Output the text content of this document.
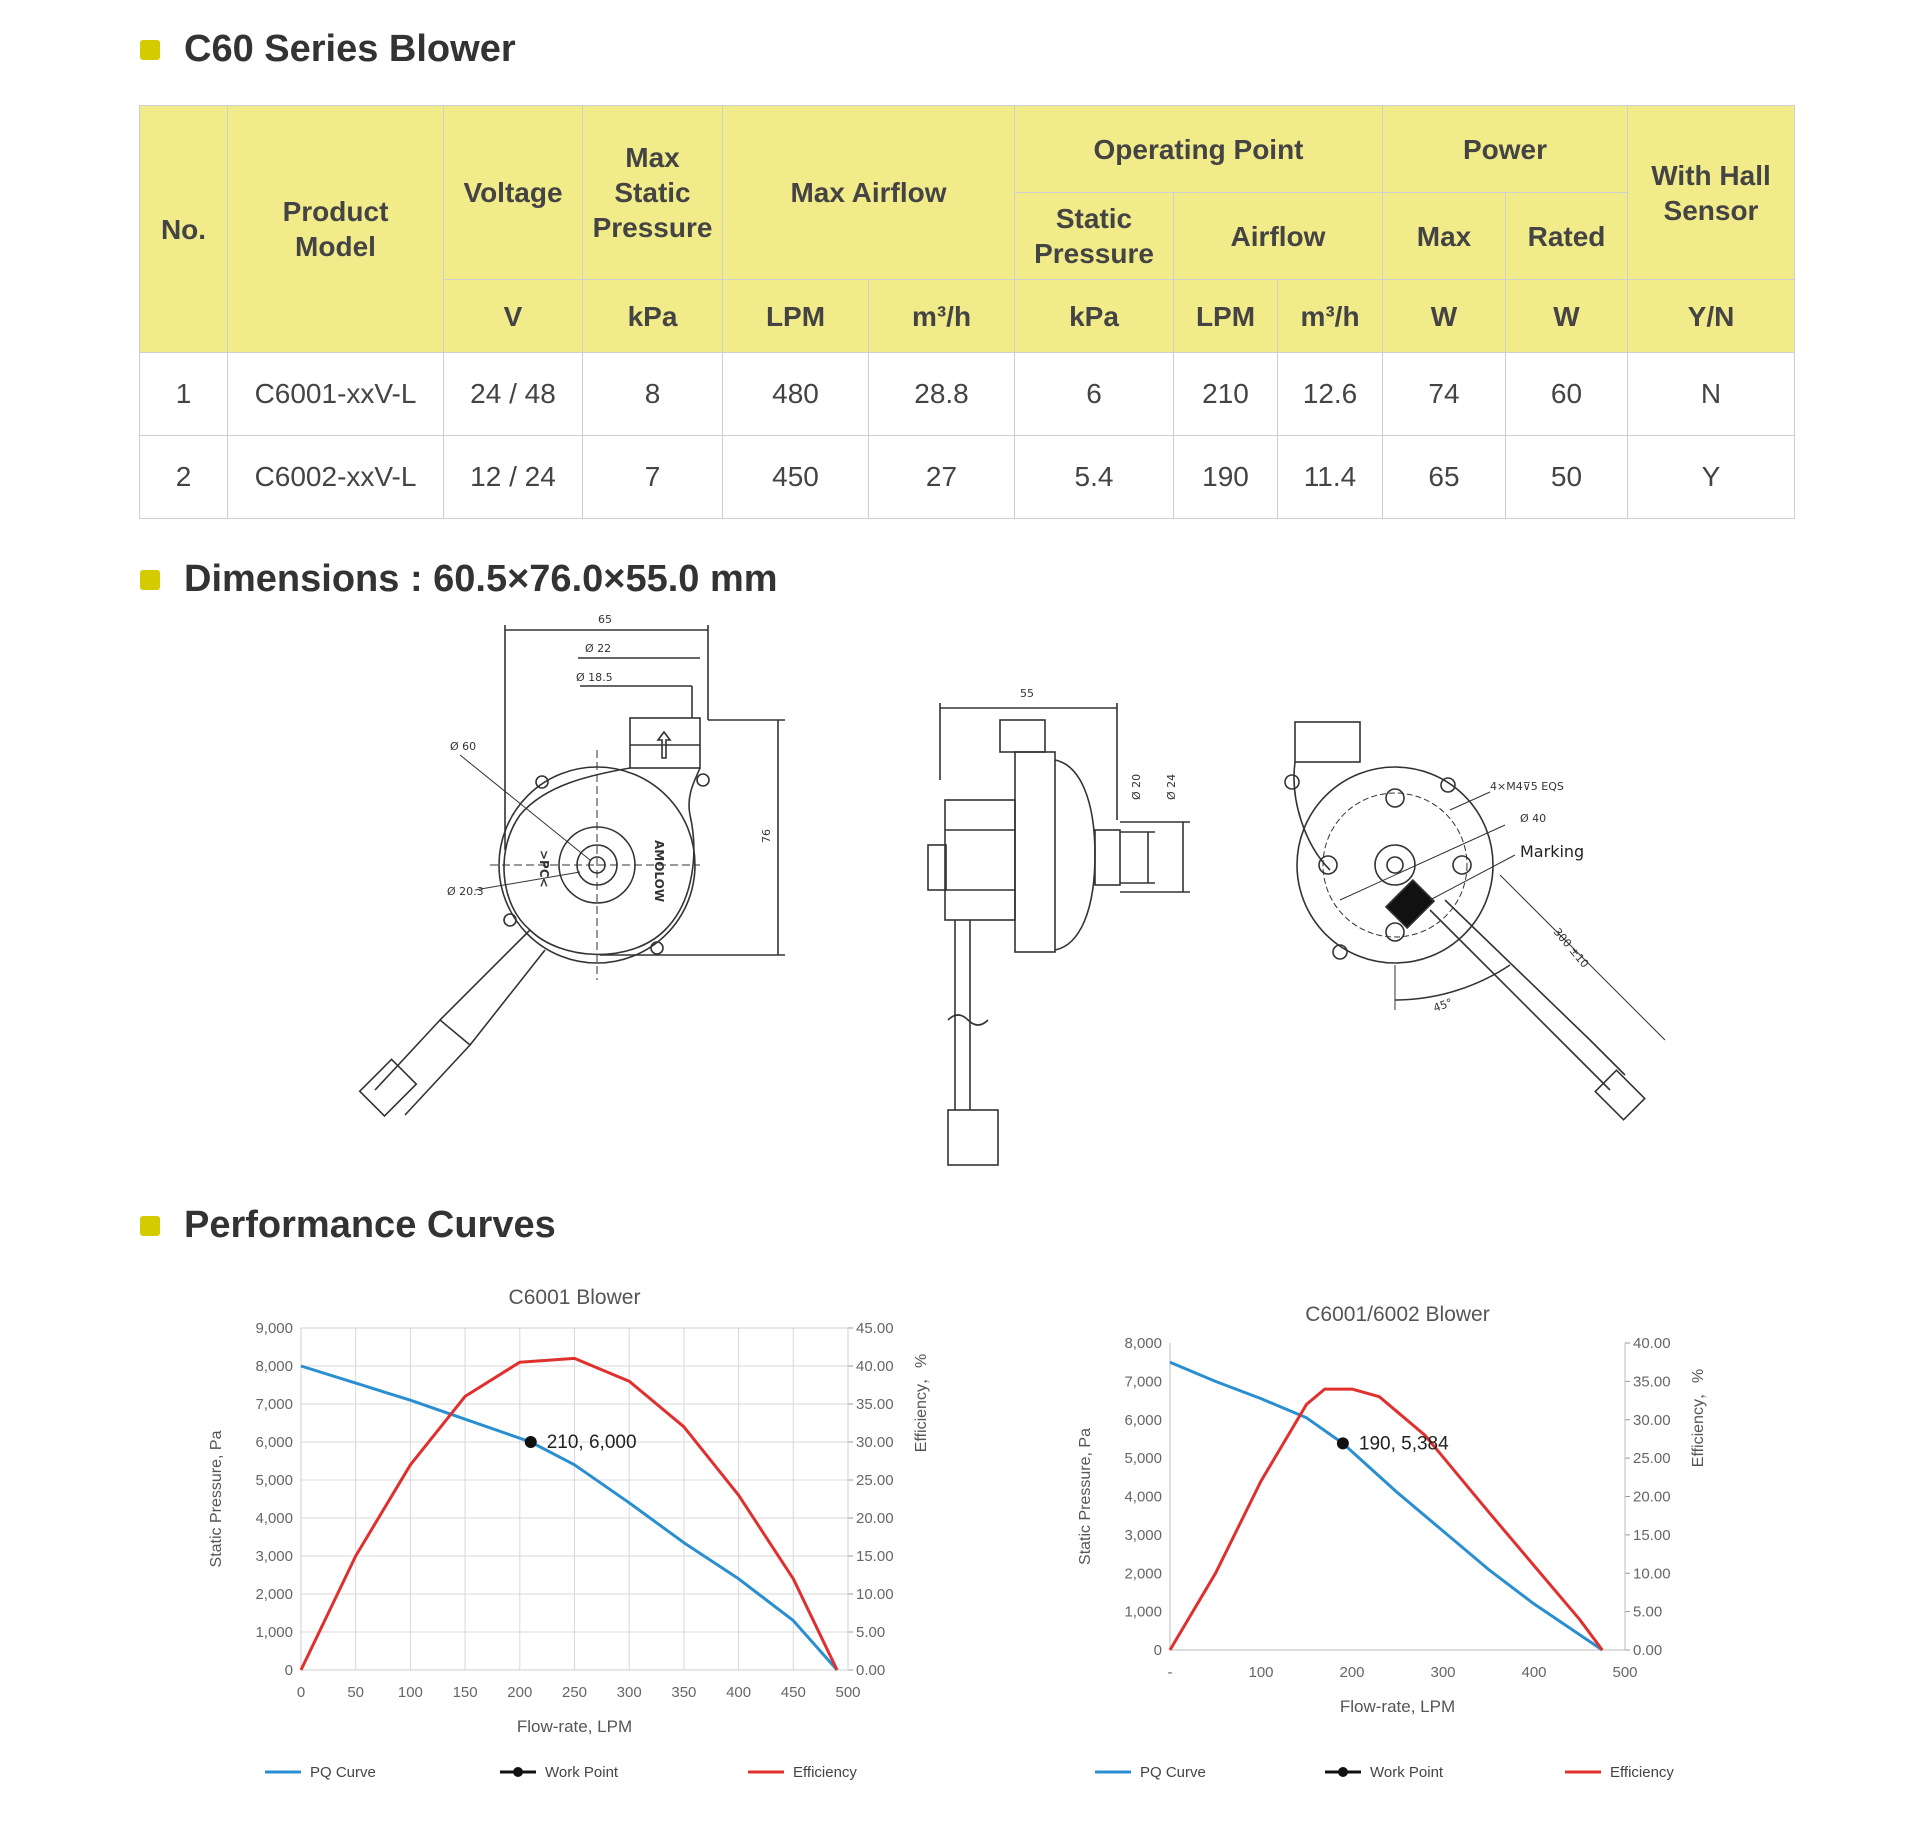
C60 Series Blower
No.	Product Model	Voltage	Max Static Pressure	Max Airflow		Operating Point			Power		With Hall Sensor
						Static Pressure	Airflow		Max	Rated	
		V	kPa	LPM	m³/h	kPa	LPM	m³/h	W	W	Y/N
1	C6001-xxV-L	24 / 48	8	480	28.8	6	210	12.6	74	60	N
2	C6002-xxV-L	12 / 24	7	450	27	5.4	190	11.4	65	50	Y
Dimensions : 60.5×76.0×55.0 mm
65
Ø 22
Ø 18.5
76
Ø 60
Ø 20.3	AMOLOW
>PC<
55
Ø 20 Ø 24	4×M4⊽5 EQS
Ø 40
Marking
300 ±10
45°
Performance Curves
C6001 Blower
0
1,000
2,000
3,000
4,000
5,000
6,000
7,000
8,000
9,000
0.00
5.00
10.00
15.00
20.00
25.00
30.00
35.00
40.00
45.00
0	50 100 150 200 250 300 350 400 450 500
Flow-rate, LPM
Static Pressure, Pa
Efficiency，%
210, 6,000
PQ Curve	Work Point	Efficiency
C6001/6002 Blower
0
1,000
2,000
3,000
4,000
5,000
6,000
7,000
8,000
0.00
5.00
10.00
15.00
20.00
25.00
30.00
35.00
40.00
-	100	200	300	400	500
Flow-rate, LPM
Static Pressure, Pa
Efficiency，%
190, 5,384
PQ Curve	Work Point	Efficiency
